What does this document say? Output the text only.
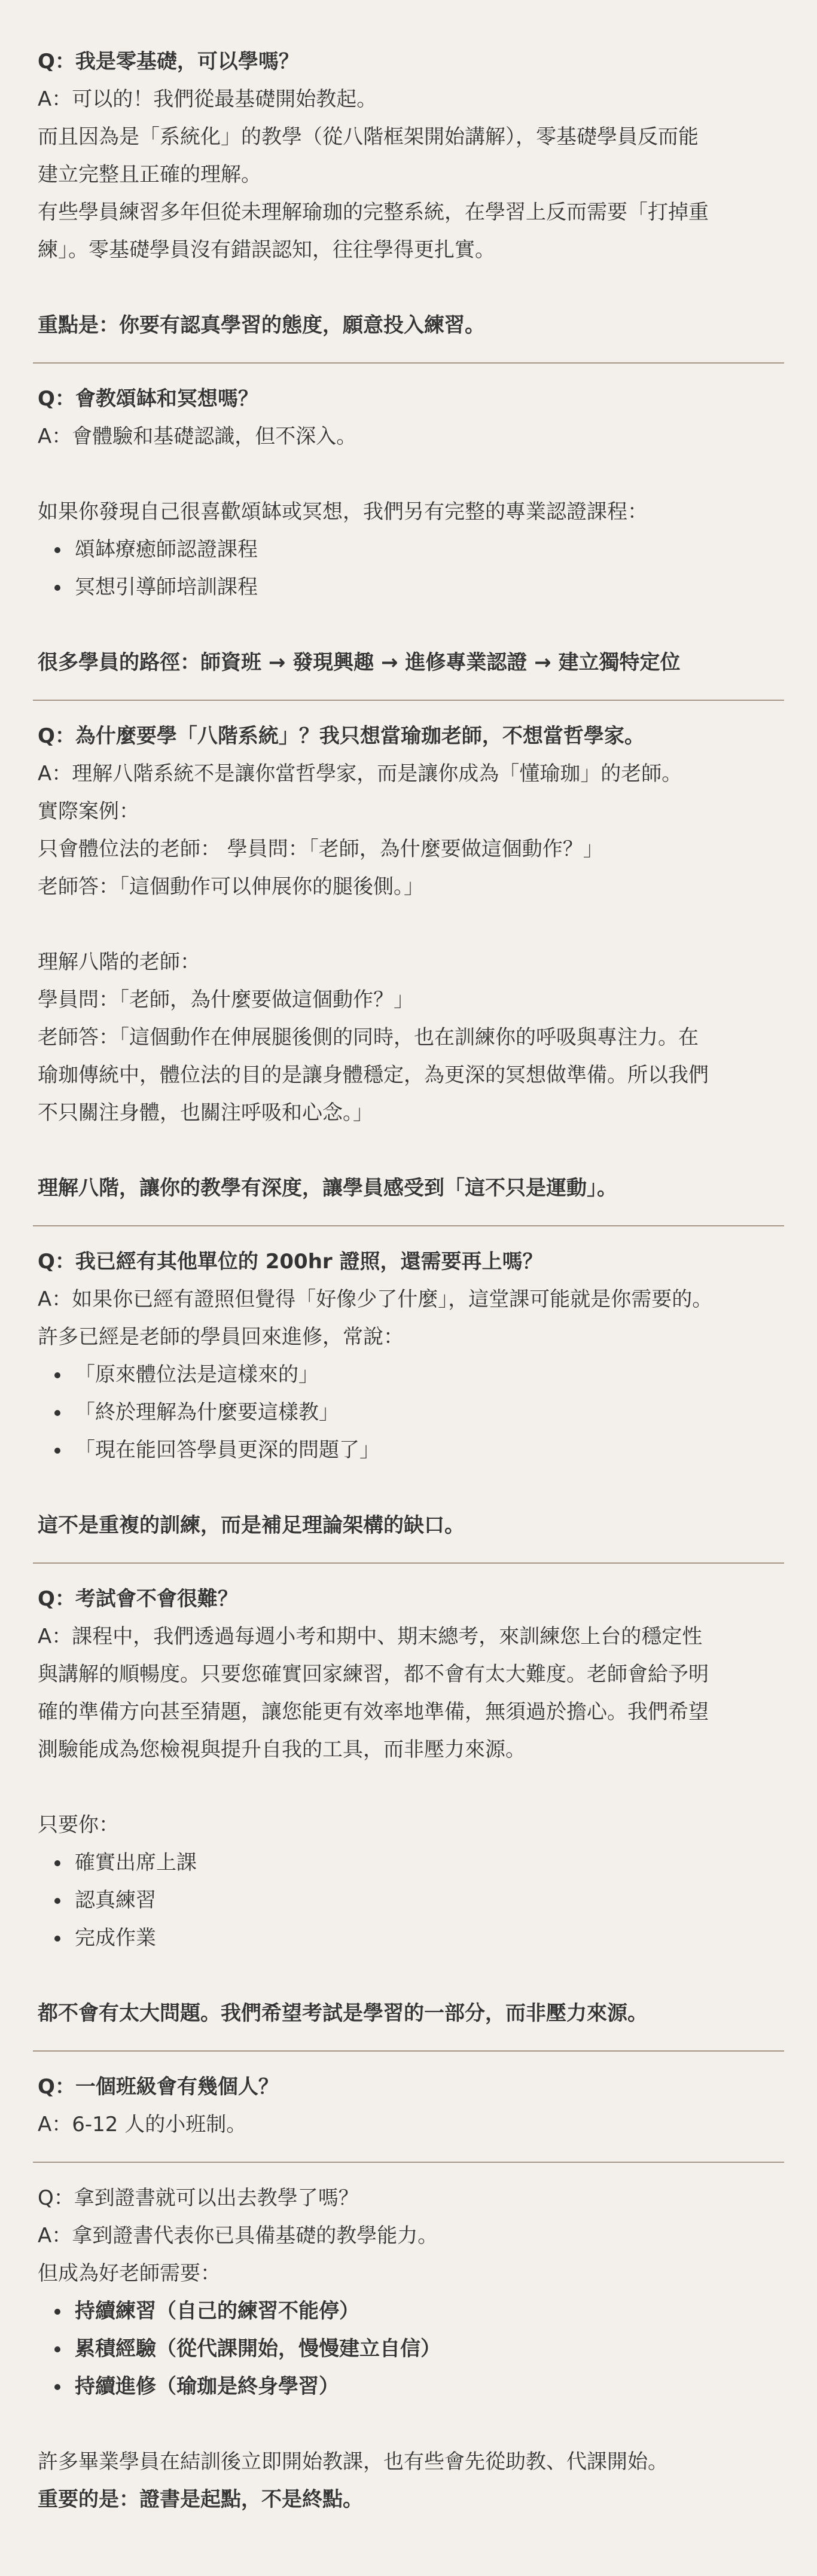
Q：我是零基礎，可以學嗎？

A：可以的！我們從最基礎開始教起。

而且因為是「系統化」的教學（從八階框架開始講解），零基礎學員反而能

建立完整且正確的理解。

有些學員練習多年但從未理解瑜珈的完整系統，在學習上反而需要「打掉重

練」。零基礎學員沒有錯誤認知，往往學得更扎實。

重點是：你要有認真學習的態度，願意投入練習。

Q：會教頌缽和冥想嗎？

A：會體驗和基礎認識，但不深入。

如果你發現自己很喜歡頌缽或冥想，我們另有完整的專業認證課程：

頌缽療癒師認證課程
冥想引導師培訓課程

很多學員的路徑：師資班 → 發現興趣 → 進修專業認證 → 建立獨特定位

Q：為什麼要學「八階系統」？我只想當瑜珈老師，不想當哲學家。

A：理解八階系統不是讓你當哲學家，而是讓你成為「懂瑜珈」的老師。

實際案例：

只會體位法的老師： 學員問：「老師，為什麼要做這個動作？」

老師答：「這個動作可以伸展你的腿後側。」

理解八階的老師：

學員問：「老師，為什麼要做這個動作？」

老師答：「這個動作在伸展腿後側的同時，也在訓練你的呼吸與專注力。在

瑜珈傳統中，體位法的目的是讓身體穩定，為更深的冥想做準備。所以我們

不只關注身體，也關注呼吸和心念。」

理解八階，讓你的教學有深度，讓學員感受到「這不只是運動」。

Q：我已經有其他單位的 200hr 證照，還需要再上嗎？

A：如果你已經有證照但覺得「好像少了什麼」，這堂課可能就是你需要的。

許多已經是老師的學員回來進修，常說：

「原來體位法是這樣來的」
「終於理解為什麼要這樣教」
「現在能回答學員更深的問題了」

這不是重複的訓練，而是補足理論架構的缺口。

Q：考試會不會很難？

A：課程中，我們透過每週小考和期中、期末總考，來訓練您上台的穩定性

與講解的順暢度。只要您確實回家練習，都不會有太大難度。老師會給予明

確的準備方向甚至猜題，讓您能更有效率地準備，無須過於擔心。我們希望

測驗能成為您檢視與提升自我的工具，而非壓力來源。

只要你：

確實出席上課
認真練習
完成作業

都不會有太大問題。我們希望考試是學習的一部分，而非壓力來源。

Q：一個班級會有幾個人？

A：6-12 人的小班制。

Q：拿到證書就可以出去教學了嗎？

A：拿到證書代表你已具備基礎的教學能力。

但成為好老師需要：

持續練習（自己的練習不能停）
累積經驗（從代課開始，慢慢建立自信）
持續進修（瑜珈是終身學習）

許多畢業學員在結訓後立即開始教課，也有些會先從助教、代課開始。

重要的是：證書是起點，不是終點。
